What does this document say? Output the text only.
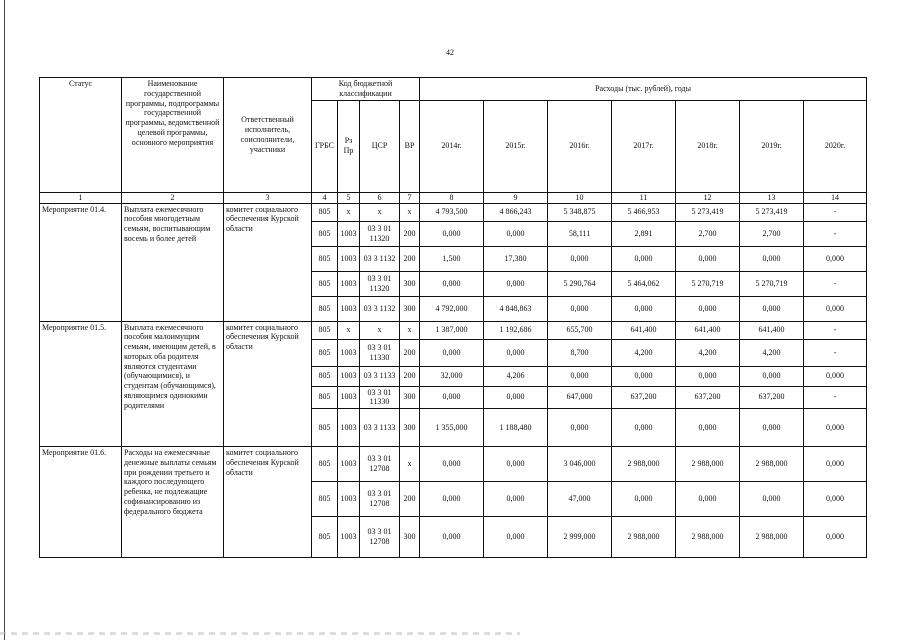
42
Статус	Наименование государственной программы, подпрограммы государственной программы, ведомственной целевой программы, основного мероприятия	Ответственный исполнитель, соисполнители, участники	Код бюджетной классификации				Расходы (тыс. рублей), годы						
			ГРБС	Рз Пр	ЦСР	ВР	2014г.	2015г.	2016г.	2017г.	2018г.	2019г.	2020г.
1	2	3	4	5	6	7	8	9	10	11	12	13	14
Мероприятие 01.4.	Выплата ежемесячного пособия многодетным семьям, воспитывающим восемь и более детей	комитет социального обеспечения Курской области	805	х	х	х	4 793,500	4 866,243	5 348,875	5 466,953	5 273,419	5 273,419	-
			805	1003	03 3 01 11320	200	0,000	0,000	58,111	2,891	2,700	2,700	-
			805	1003	03 3 1132	200	1,500	17,380	0,000	0,000	0,000	0,000	0,000
			805	1003	03 3 01 11320	300	0,000	0,000	5 290,764	5 464,062	5 270,719	5 270,719	-
			805	1003	03 3 1132	300	4 792,000	4 848,863	0,000	0,000	0,000	0,000	0,000
Мероприятие 01.5.	Выплата ежемесячного пособия малоимущим семьям, имеющим детей, в которых оба родителя являются студентами (обучающимися), и студентам (обучающимся), являющимся одинокими родителями	комитет социального обеспечения Курской области	805	х	х	х	1 387,000	1 192,686	655,700	641,400	641,400	641,400	-
			805	1003	03 3 01 11330	200	0,000	0,000	8,700	4,200	4,200	4,200	-
			805	1003	03 3 1133	200	32,000	4,206	0,000	0,000	0,000	0,000	0,000
			805	1003	03 3 01 11330	300	0,000	0,000	647,000	637,200	637,200	637,200	-
			805	1003	03 3 1133	300	1 355,000	1 188,480	0,000	0,000	0,000	0,000	0,000
Мероприятие 01.6.	Расходы на ежемесячные денежные выплаты семьям при рождении третьего и каждого последующего ребенка, не подлежащие софинансированию из федерального бюджета	комитет социального обеспечения Курской области	805	1003	03 3 01 12708	х	0,000	0,000	3 046,000	2 988,000	2 988,000	2 988,000	0,000
			805	1003	03 3 01 12708	200	0,000	0,000	47,000	0,000	0,000	0,000	0,000
			805	1003	03 3 01 12708	300	0,000	0,000	2 999,000	2 988,000	2 988,000	2 988,000	0,000
